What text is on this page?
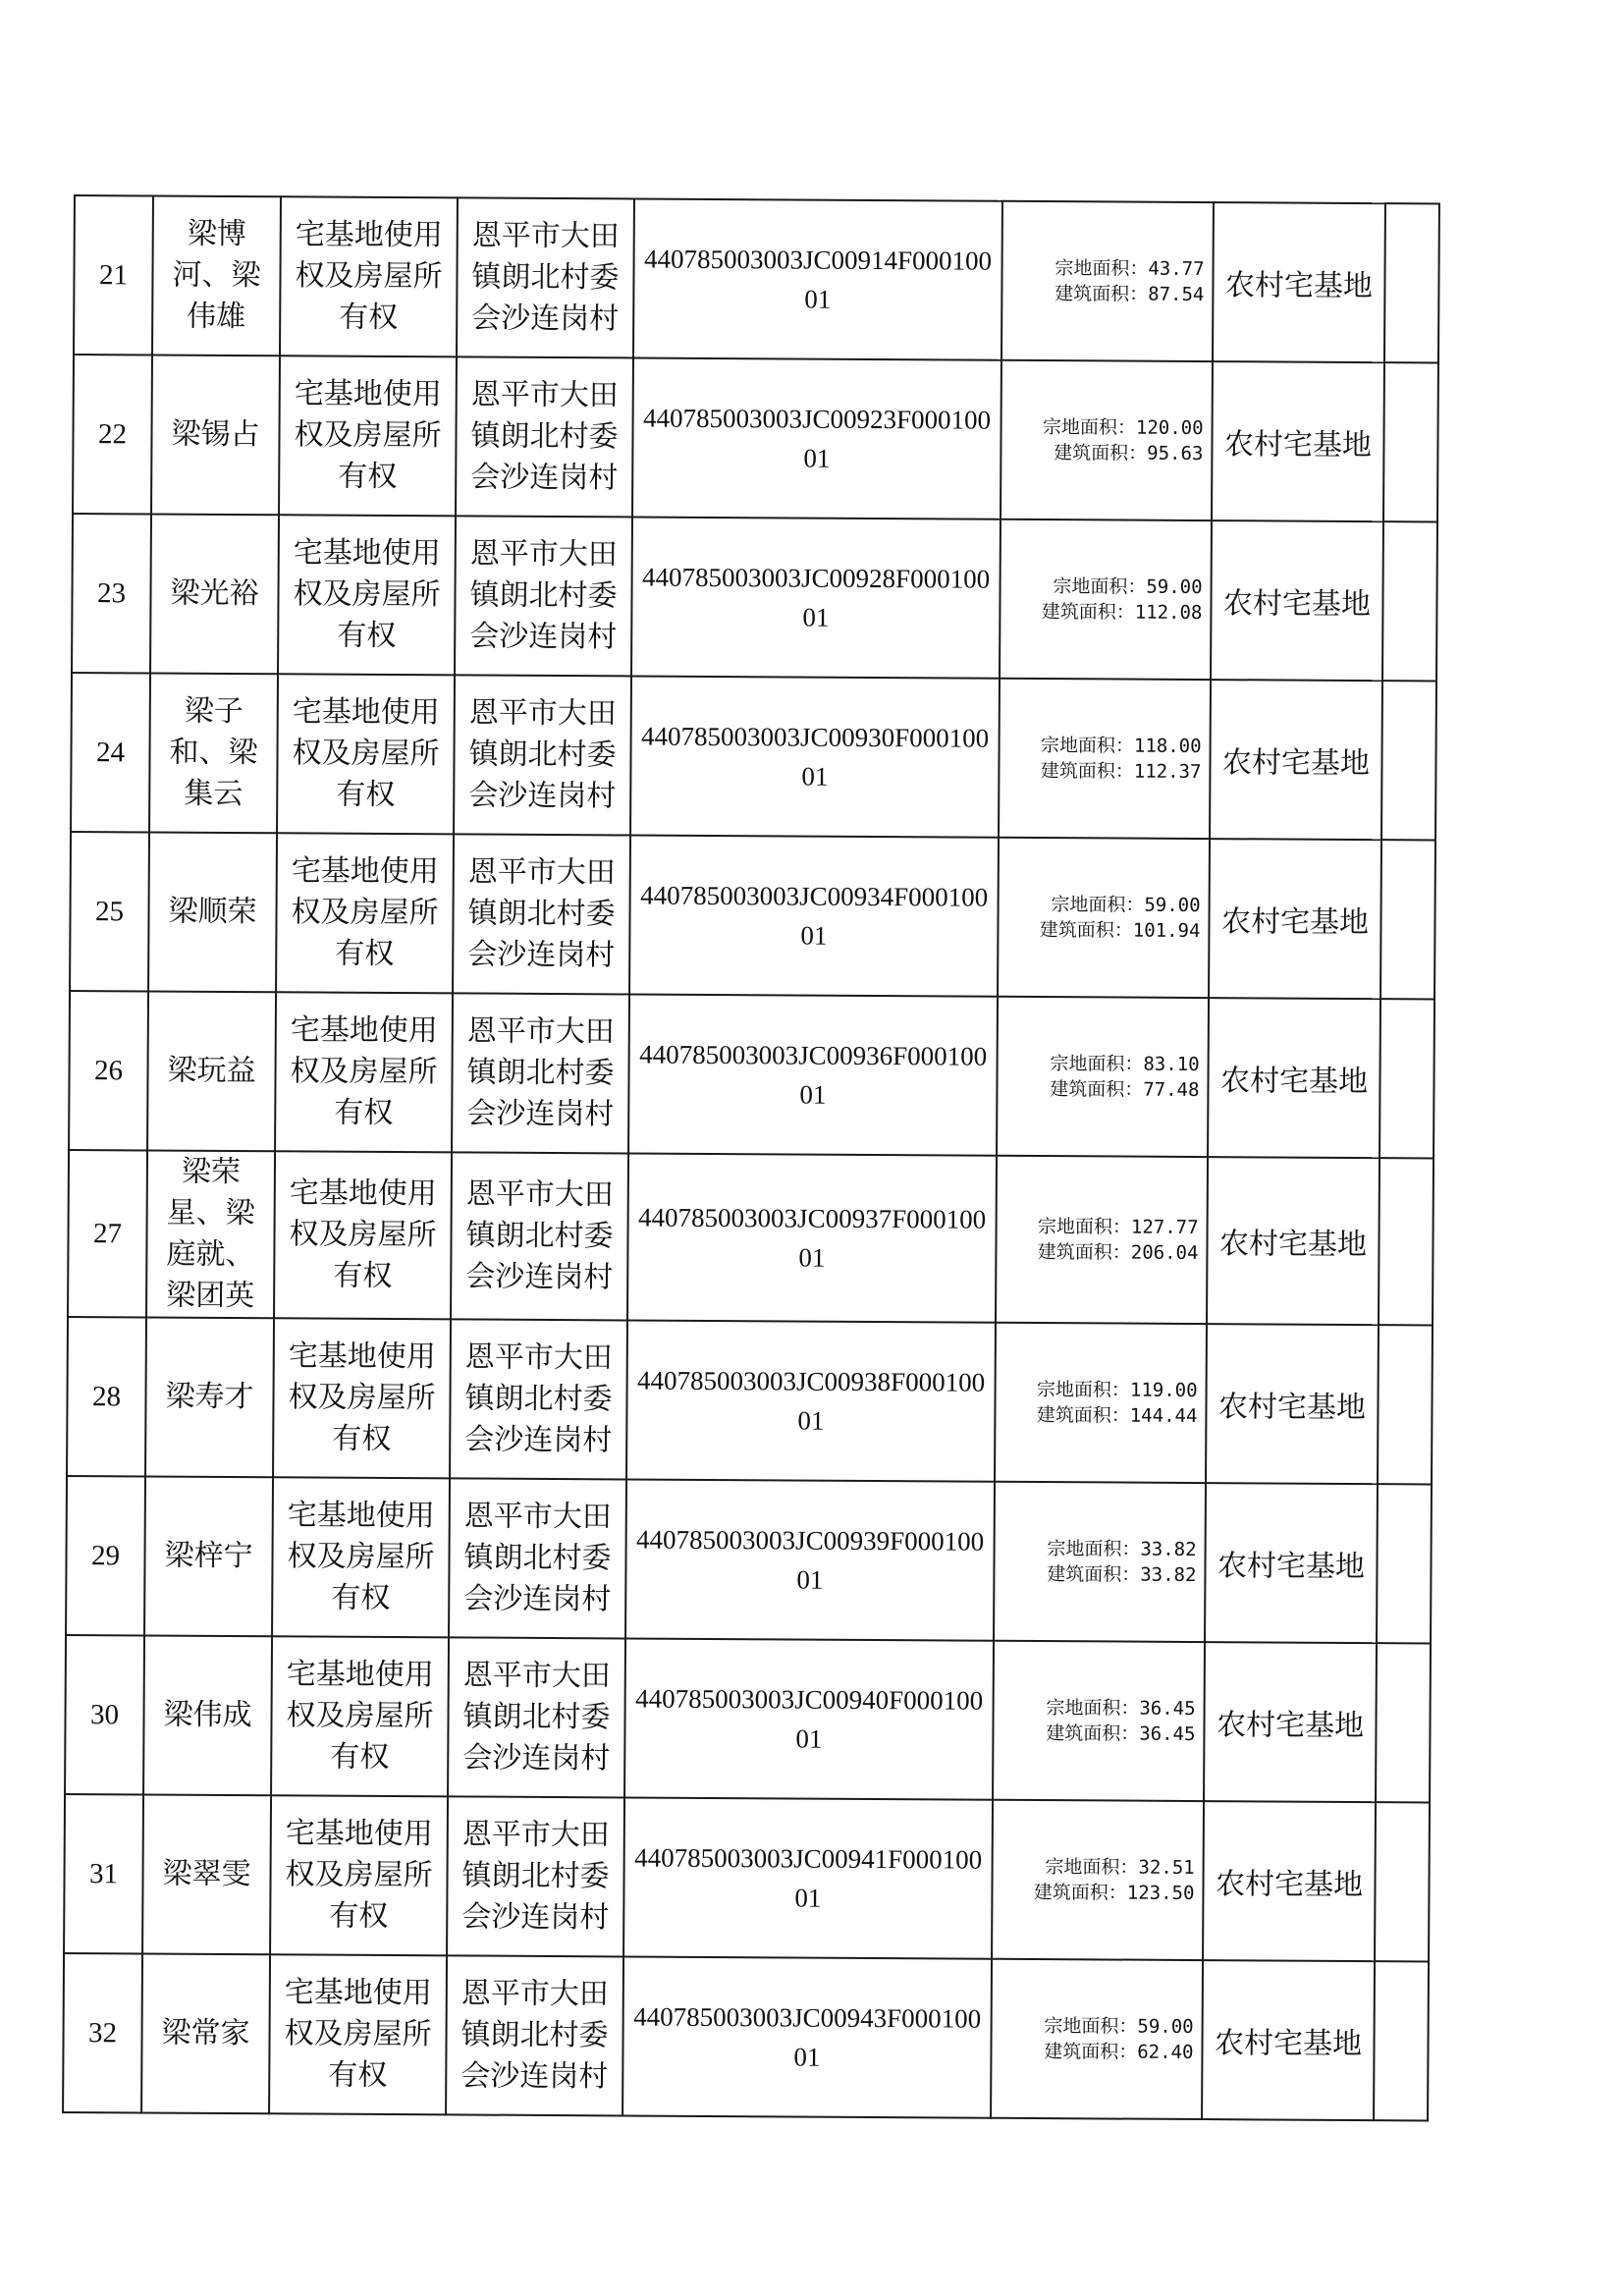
21	梁博河、梁伟雄	宅基地使用权及房屋所有权	恩平市大田镇朗北村委会沙连岗村	440785003003JC00914F00010001	宗地面积：43.77
建筑面积：87.54	农村宅基地	
22	梁锡占	宅基地使用权及房屋所有权	恩平市大田镇朗北村委会沙连岗村	440785003003JC00923F00010001	宗地面积：120.00
建筑面积：95.63	农村宅基地	
23	梁光裕	宅基地使用权及房屋所有权	恩平市大田镇朗北村委会沙连岗村	440785003003JC00928F00010001	宗地面积：59.00
建筑面积：112.08	农村宅基地	
24	梁子和、梁集云	宅基地使用权及房屋所有权	恩平市大田镇朗北村委会沙连岗村	440785003003JC00930F00010001	宗地面积：118.00
建筑面积：112.37	农村宅基地	
25	梁顺荣	宅基地使用权及房屋所有权	恩平市大田镇朗北村委会沙连岗村	440785003003JC00934F00010001	宗地面积：59.00
建筑面积：101.94	农村宅基地	
26	梁玩益	宅基地使用权及房屋所有权	恩平市大田镇朗北村委会沙连岗村	440785003003JC00936F00010001	宗地面积：83.10
建筑面积：77.48	农村宅基地	
27	梁荣星、梁庭就、梁团英	宅基地使用权及房屋所有权	恩平市大田镇朗北村委会沙连岗村	440785003003JC00937F00010001	宗地面积：127.77
建筑面积：206.04	农村宅基地	
28	梁寿才	宅基地使用权及房屋所有权	恩平市大田镇朗北村委会沙连岗村	440785003003JC00938F00010001	宗地面积：119.00
建筑面积：144.44	农村宅基地	
29	梁梓宁	宅基地使用权及房屋所有权	恩平市大田镇朗北村委会沙连岗村	440785003003JC00939F00010001	宗地面积：33.82
建筑面积：33.82	农村宅基地	
30	梁伟成	宅基地使用权及房屋所有权	恩平市大田镇朗北村委会沙连岗村	440785003003JC00940F00010001	宗地面积：36.45
建筑面积：36.45	农村宅基地	
31	梁翠雯	宅基地使用权及房屋所有权	恩平市大田镇朗北村委会沙连岗村	440785003003JC00941F00010001	宗地面积：32.51
建筑面积：123.50	农村宅基地	
32	梁常家	宅基地使用权及房屋所有权	恩平市大田镇朗北村委会沙连岗村	440785003003JC00943F00010001	宗地面积：59.00
建筑面积：62.40	农村宅基地	
